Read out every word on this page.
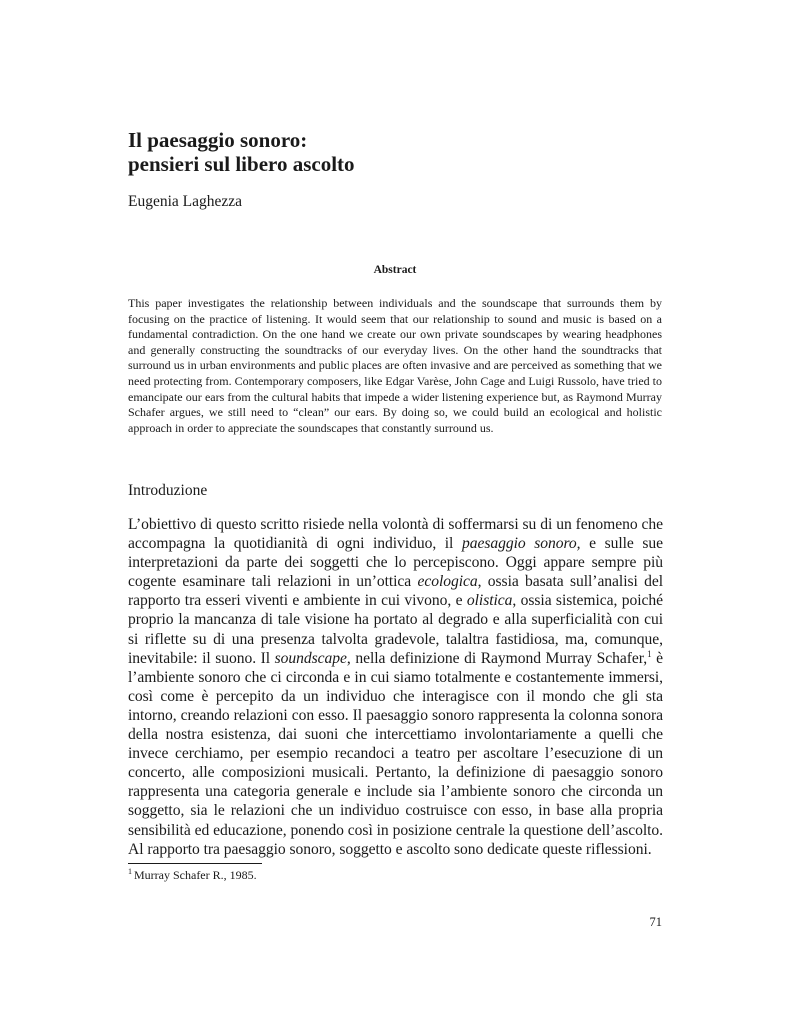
Il paesaggio sonoro:
pensieri sul libero ascolto

Eugenia Laghezza

Abstract

This paper investigates the relationship between individuals and the soundscape that surrounds them by focusing on the practice of listening. It would seem that our relationship to sound and music is based on a fundamental contradiction. On the one hand we create our own private soundscapes by wearing headphones and generally constructing the soundtracks of our everyday lives. On the other hand the soundtracks that surround us in urban environments and public places are often invasive and are perceived as something that we need protecting from. Contemporary composers, like Edgar Varèse, John Cage and Luigi Russolo, have tried to emancipate our ears from the cultural habits that impede a wider listening experience but, as Raymond Murray Schafer argues, we still need to “clean” our ears. By doing so, we could build an ecological and holistic approach in order to appreciate the soundscapes that constantly surround us.

Introduzione

L’obiettivo di questo scritto risiede nella volontà di soffermarsi su di un fenomeno che accompagna la quotidianità di ogni individuo, il paesaggio sonoro, e sulle sue interpretazioni da parte dei soggetti che lo percepiscono. Oggi appare sempre più cogente esaminare tali relazioni in un’ottica ecologica, ossia basata sull’analisi del rapporto tra esseri viventi e ambiente in cui vivono, e olistica, ossia sistemica, poiché proprio la mancanza di tale visione ha portato al degrado e alla superficialità con cui si riflette su di una presenza talvolta gradevole, talaltra fastidiosa, ma, comunque, inevitabile: il suono. Il soundscape, nella definizione di Raymond Murray Schafer,$^1$ è l’ambiente sonoro che ci circonda e in cui siamo totalmente e costantemente immersi, così come è percepito da un individuo che interagisce con il mondo che gli sta intorno, creando relazioni con esso. Il paesaggio sonoro rappresenta la colonna sonora della nostra esistenza, dai suoni che intercettiamo involontariamente a quelli che invece cerchiamo, per esempio recandoci a teatro per ascoltare l’esecuzione di un concerto, alle composizioni musicali. Pertanto, la definizione di paesaggio sonoro rappresenta una categoria generale e include sia l’ambiente sonoro che circonda un soggetto, sia le relazioni che un individuo costruisce con esso, in base alla propria sensibilità ed educazione, ponendo così in posizione centrale la questione dell’ascolto. Al rapporto tra paesaggio sonoro, soggetto e ascolto sono dedicate queste riflessioni.

$^1$ Murray Schafer R., 1985.

71
